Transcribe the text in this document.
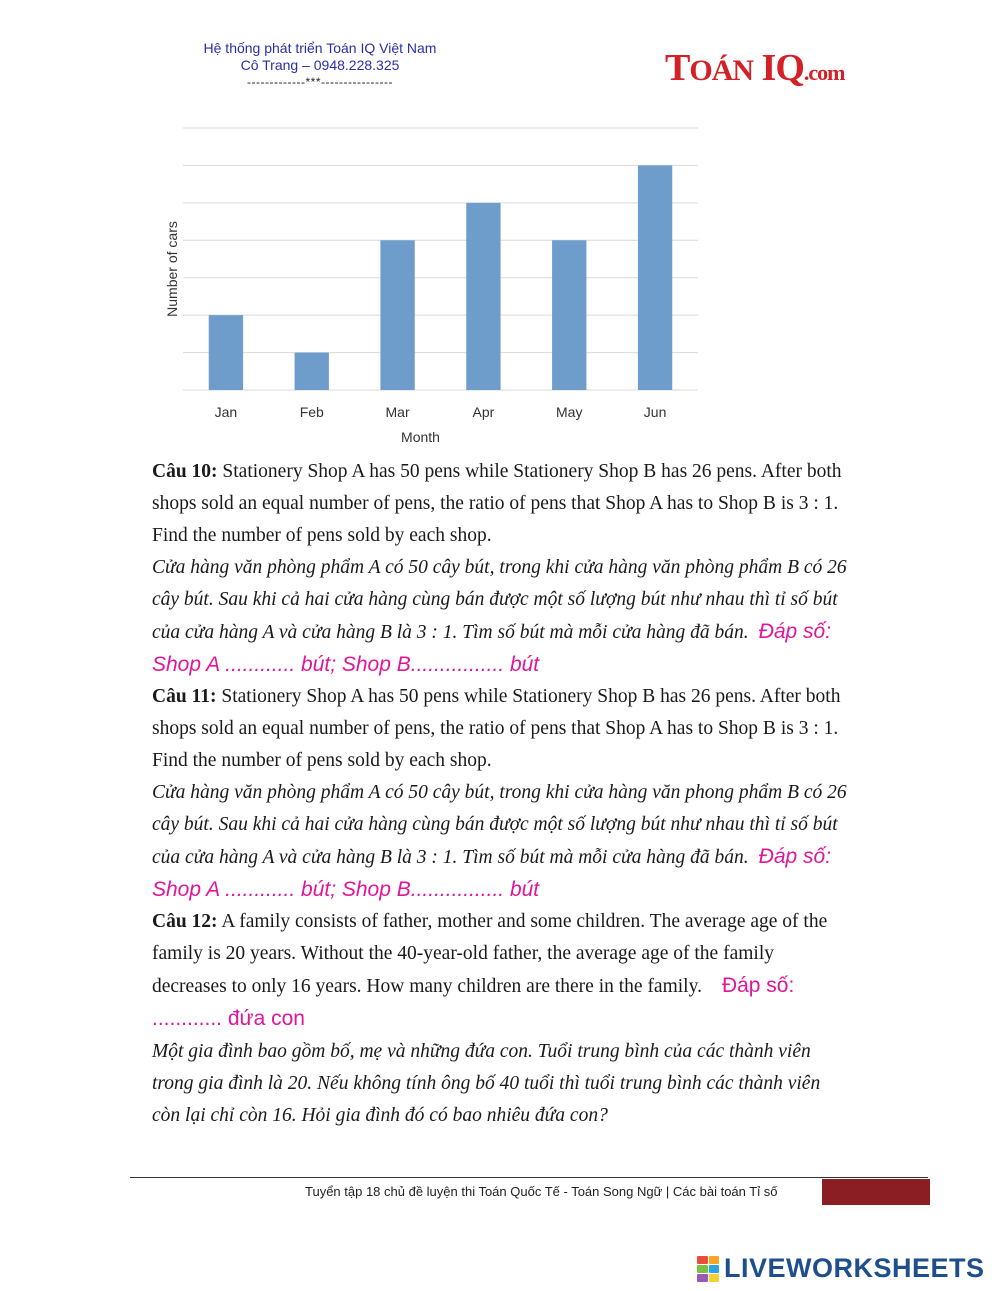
Hệ thống phát triển Toán IQ Việt Nam
Cô Trang – 0948.228.325
-------------***----------------	TOÁN IQ.com
Jan	Feb	Mar	Apr	May	Jun
Month
Number of cars

Câu 10: Stationery Shop A has 50 pens while Stationery Shop B has 26 pens. After both shops sold an equal number of pens, the ratio of pens that Shop A has to Shop B is 3 : 1. Find the number of pens sold by each shop.

Cửa hàng văn phòng phẩm A có 50 cây bút, trong khi cửa hàng văn phòng phẩm B có 26 cây bút. Sau khi cả hai cửa hàng cùng bán được một số lượng bút như nhau thì tỉ số bút của cửa hàng A và cửa hàng B là 3 : 1. Tìm số bút mà mỗi cửa hàng đã bán. Đáp số: Shop A ............ bút; Shop B................ bút

Câu 11: Stationery Shop A has 50 pens while Stationery Shop B has 26 pens. After both shops sold an equal number of pens, the ratio of pens that Shop A has to Shop B is 3 : 1. Find the number of pens sold by each shop.

Cửa hàng văn phòng phẩm A có 50 cây bút, trong khi cửa hàng văn phong phẩm B có 26 cây bút. Sau khi cả hai cửa hàng cùng bán được một số lượng bút như nhau thì tỉ số bút của cửa hàng A và cửa hàng B là 3 : 1. Tìm số bút mà mỗi cửa hàng đã bán. Đáp số: Shop A ............ bút; Shop B................ bút

Câu 12: A family consists of father, mother and some children. The average age of the family is 20 years. Without the 40-year-old father, the average age of the family decreases to only 16 years. How many children are there in the family. Đáp số: ............ đứa con

Một gia đình bao gồm bố, mẹ và những đứa con. Tuổi trung bình của các thành viên trong gia đình là 20. Nếu không tính ông bố 40 tuổi thì tuổi trung bình các thành viên còn lại chỉ còn 16. Hỏi gia đình đó có bao nhiêu đứa con?

Tuyển tập 18 chủ đề luyện thi Toán Quốc Tế - Toán Song Ngữ | Các bài toán Tỉ số
LIVEWORKSHEETS
